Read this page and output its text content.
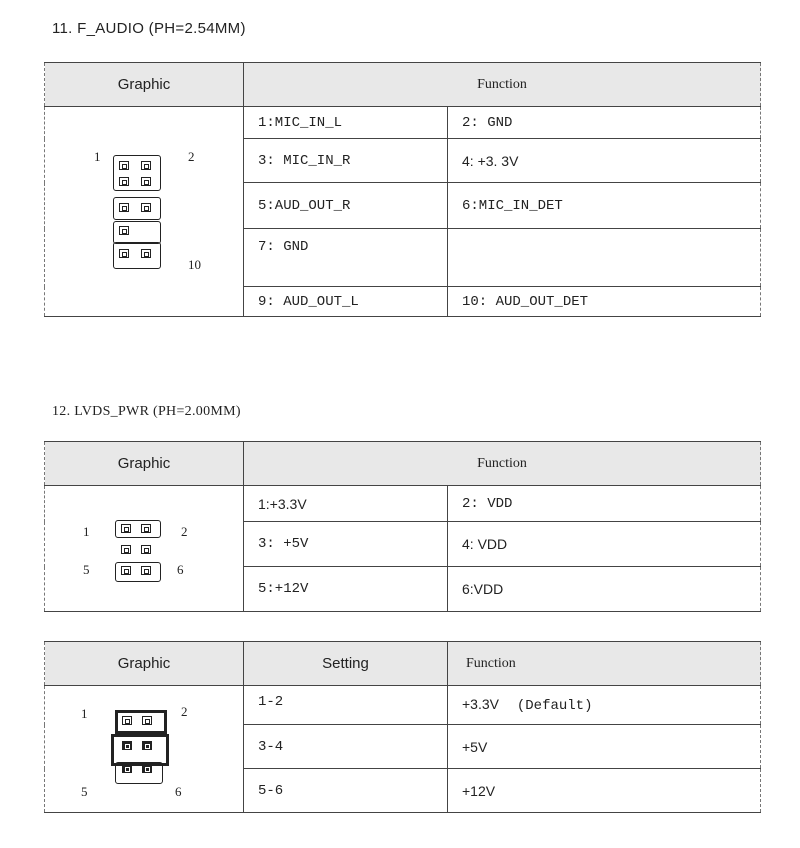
11. F_AUDIO (PH=2.54MM)
Graphic	Function	

1 2
10	1:MIC_IN_L	2: GND
	3: MIC_IN_R	4: +3. 3V
	5:AUD_OUT_R	6:MIC_IN_DET
	7: GND	
	9: AUD_OUT_L	10: AUD_OUT_DET
12. LVDS_PWR (PH=2.00MM)
Graphic	Function	

1 2
5 6	1:+3.3V	2: VDD
	3: +5V	4: VDD
	5:+12V	6:VDD
Graphic	Setting	Function

1 2
5 6	1-2	+3.3V (Default)
	3-4	+5V
	5-6	+12V
